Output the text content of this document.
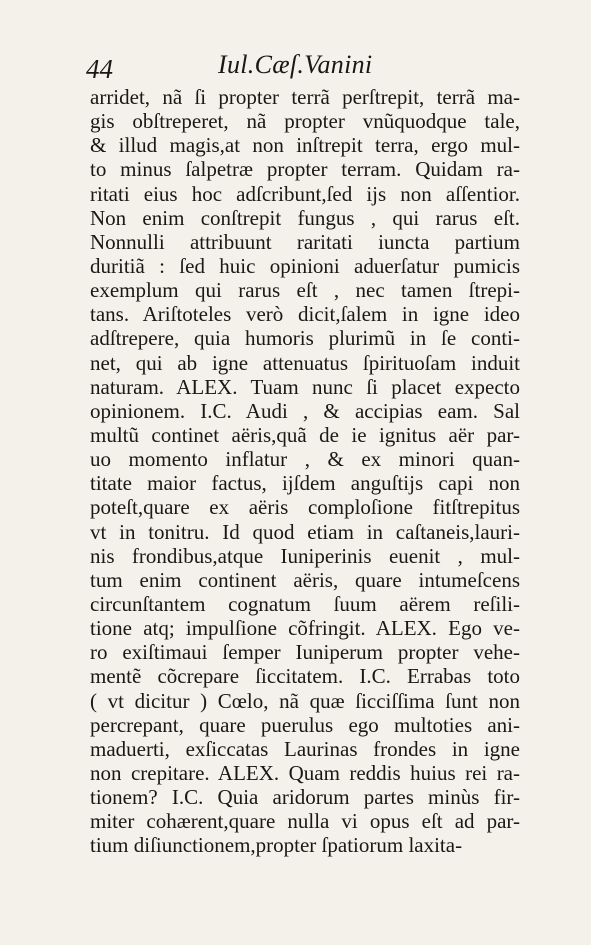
44	Iul.Cæſ.Vanini
arridet, nã ſi propter terrã perſtrepit, terrã ma-
gis obſtreperet, nã propter vnũquodque tale,
& illud magis,at non inſtrepit terra, ergo mul-
to minus ſalpetræ propter terram. Quidam ra-
ritati eius hoc adſcribunt,ſed ijs non aſſentior.
Non enim conſtrepit fungus , qui rarus eſt.
Nonnulli attribuunt raritati iuncta partium
duritiã : ſed huic opinioni aduerſatur pumicis
exemplum qui rarus eſt , nec tamen ſtrepi-
tans. Ariſtoteles verò dicit,ſalem in igne ideo
adſtrepere, quia humoris plurimũ in ſe conti-
net, qui ab igne attenuatus ſpirituoſam induit
naturam. ALEX. Tuam nunc ſi placet expecto
opinionem. I.C. Audi , & accipias eam. Sal
multũ continet aëris,quã de ie ignitus aër par-
uo momento inflatur , & ex minori quan-
titate maior factus, ijſdem anguſtijs capi non
poteſt,quare ex aëris comploſione fitſtrepitus
vt in tonitru. Id quod etiam in caſtaneis,lauri-
nis frondibus,atque Iuniperinis euenit , mul-
tum enim continent aëris, quare intumeſcens
circunſtantem cognatum ſuum aërem reſili-
tione atq; impulſione cõfringit. ALEX. Ego ve-
ro exiſtimaui ſemper Iuniperum propter vehe-
mentẽ cõcrepare ſiccitatem. I.C. Errabas toto
( vt dicitur ) Cœlo, nã quæ ſicciſſima ſunt non
percrepant, quare puerulus ego multoties ani-
maduerti, exſiccatas Laurinas frondes in igne
non crepitare. ALEX. Quam reddis huius rei ra-
tionem? I.C. Quia aridorum partes minùs fir-
miter cohærent,quare nulla vi opus eſt ad par-
tium diſiunctionem,propter ſpatiorum laxita-
